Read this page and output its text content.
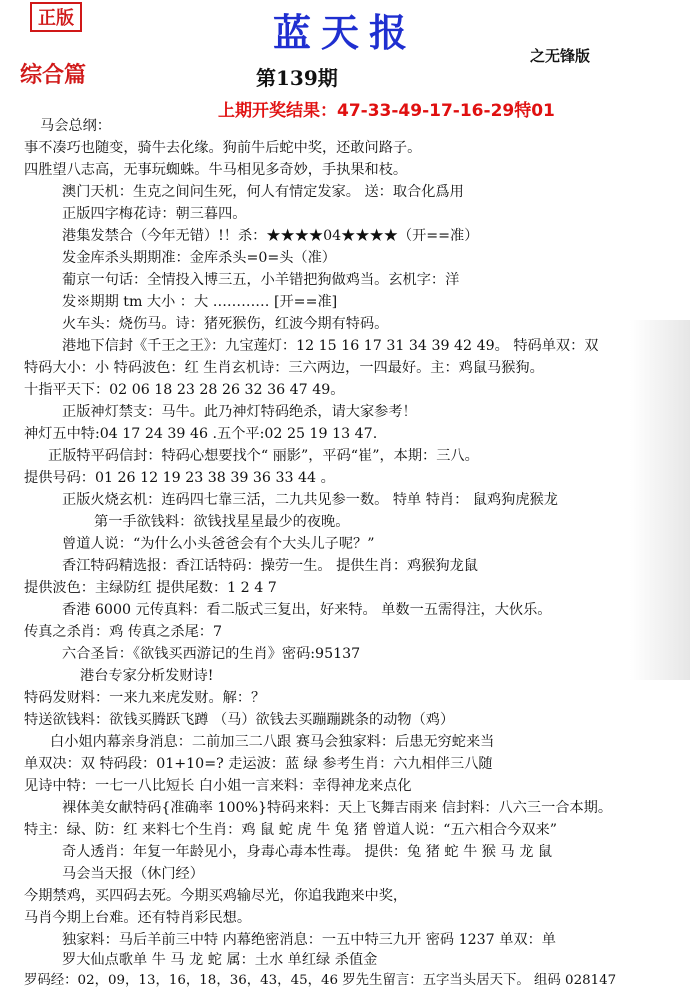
正版	蓝天报
之无锋版
综合篇	第139期
上期开奖结果：47-33-49-17-16-29特01
马会总纲：
事不凑巧也随变，骑牛去化缘。狗前牛后蛇中奖，还敢问路子。
四胜望八志高，无事玩蜘蛛。牛马相见多奇妙，手执果和枝。
澳门天机：生克之间问生死，何人有情定发家。 送：取合化爲用
正版四字梅花诗：朝三暮四。
港集发禁合（今年无错）!！杀：★★★★04★★★★（开==准）
发金库杀头期期准：金库杀头=0=头（准）
葡京一句话：全情投入博三五，小羊错把狗做鸡当。玄机字：洋
发※期期 tm 大小 ：大 ………… [开==准]
火车头：烧伤马。诗：猪死猴伤，红波今期有特码。
港地下信封《千王之王》：九宝莲灯：12 15 16 17 31 34 39 42 49。 特码单双：双
特码大小：小 特码波色：红 生肖玄机诗：三六两边，一四最好。主：鸡鼠马猴狗。
十指平天下：02 06 18 23 28 26 32 36 47 49。
正版神灯禁支：马牛。此乃神灯特码绝杀，请大家参考！
神灯五中特:04 17 24 39 46 .五个平:02 25 19 13 47.
正版特平码信封：特码心想要找个“ 丽影”，平码“崔”，本期：三八。
提供号码：01 26 12 19 23 38 39 36 33 44 。
正版火烧玄机：连码四七靠三活，二九共见参一数。 特单 特肖： 鼠鸡狗虎猴龙
第一手欲钱料：欲钱找星星最少的夜晚。
曾道人说：“为什么小头爸爸会有个大头儿子呢？”
香江特码精选报：香江话特码：操劳一生。 提供生肖：鸡猴狗龙鼠
提供波色：主绿防红 提供尾数：1 2 4 7
香港 6000 元传真料：看二版式三复出，好来特。 单数一五需得注，大伙乐。
传真之杀肖：鸡 传真之杀尾：7
六合圣旨：《欲钱买西游记的生肖》密码:95137
港台专家分析发财诗!
特码发财料：一来九来虎发财。解：？
特送欲钱料：欲钱买腾跃飞蹲 （马）欲钱去买蹦蹦跳条的动物（鸡）
白小姐内幕亲身消息：二前加三二八跟 赛马会独家料：后患无穷蛇来当
单双决：双 特码段：01+10=? 走运波：蓝 绿 参考生肖：六九相伴三八随
见诗中特：一七一八比短长 白小姐一言来料：幸得神龙来点化
裸体美女献特码{准确率 100%}特码来料：天上飞舞吉雨来 信封料：八六三一合本期。
特主：绿、防：红 来料七个生肖：鸡 鼠 蛇 虎 牛 兔 猪 曾道人说：“五六相合今双来”
奇人透肖：年复一年龄见小，身毒心毒本性毒。 提供：兔 猪 蛇 牛 猴 马 龙 鼠
马会当天报（休门经）
今期禁鸡，买四码去死。今期买鸡输尽光，你追我跑来中奖，
马肖今期上台难。还有特肖彩民想。
独家料：马后羊前三中特 内幕绝密消息：一五中特三九开 密码 1237 单双：单
罗大仙点歌单 牛 马 龙 蛇 属：土水 单红绿 杀值金
罗码经：02，09，13，16，18，36，43，45，46 罗先生留言：五字当头居天下。 组码 028147
